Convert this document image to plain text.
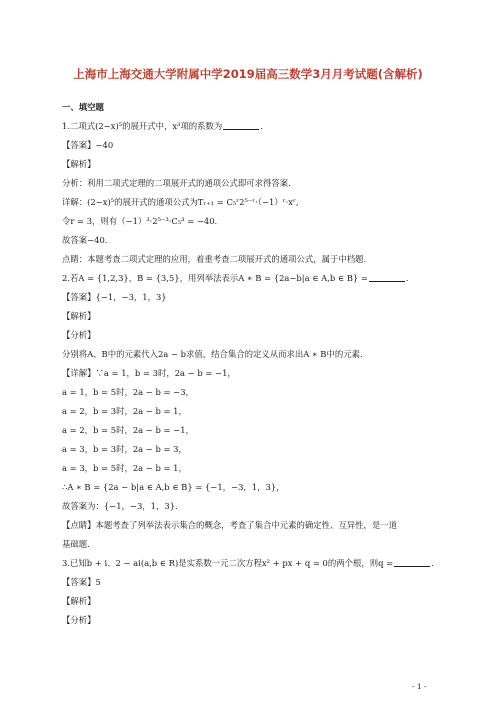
上海市上海交通大学附属中学2019届高三数学3月月考试题(含解析)
一、填空题
1.二项式(2−x)⁵的展开式中，x³项的系数为	.
【答案】−40
【解析】
分析：利用二项式定理的二项展开式的通项公式即可求得答案.
详解：(2−x)⁵的展开式的通项公式为Tᵣ₊₁ = C₅ʳ2⁵⁻ʳ·（−1）ʳ·xʳ,
令r = 3，则有（−1）³·2⁵⁻³·C₅³ = −40.
故答案−40.
点睛：本题考查二项式定理的应用，着重考查二项展开式的通项公式，属于中档题.
2.若A = {1,2,3}，B = {3,5}，用列举法表示A ∗ B = {2a−b|a ∈ A,b ∈ B} =	.
【答案】{−1，−3，1，3}
【解析】
【分析】
分别将A、B中的元素代入2a − b求值，结合集合的定义从而求出A ∗ B中的元素.
【详解】∵a = 1，b = 3时，2a − b = −1，
a = 1，b = 5时，2a − b = −3，
a = 2，b = 3时，2a − b = 1，
a = 2，b = 5时，2a − b = −1，
a = 3，b = 3时，2a − b = 3，
a = 3，b = 5时，2a − b = 1，
∴A ∗ B = {2a − b|a ∈ A,b ∈ B} = {−1，−3，1，3}，
故答案为：{−1，−3，1，3}.
【点睛】本题考查了列举法表示集合的概念，考查了集合中元素的确定性、互异性，是一道
基础题.
3.已知b + i、2 − ai(a,b ∈ R)是实系数一元二次方程x² + px + q = 0的两个根，则q =	.
【答案】5
【解析】
【分析】
- 1 -
